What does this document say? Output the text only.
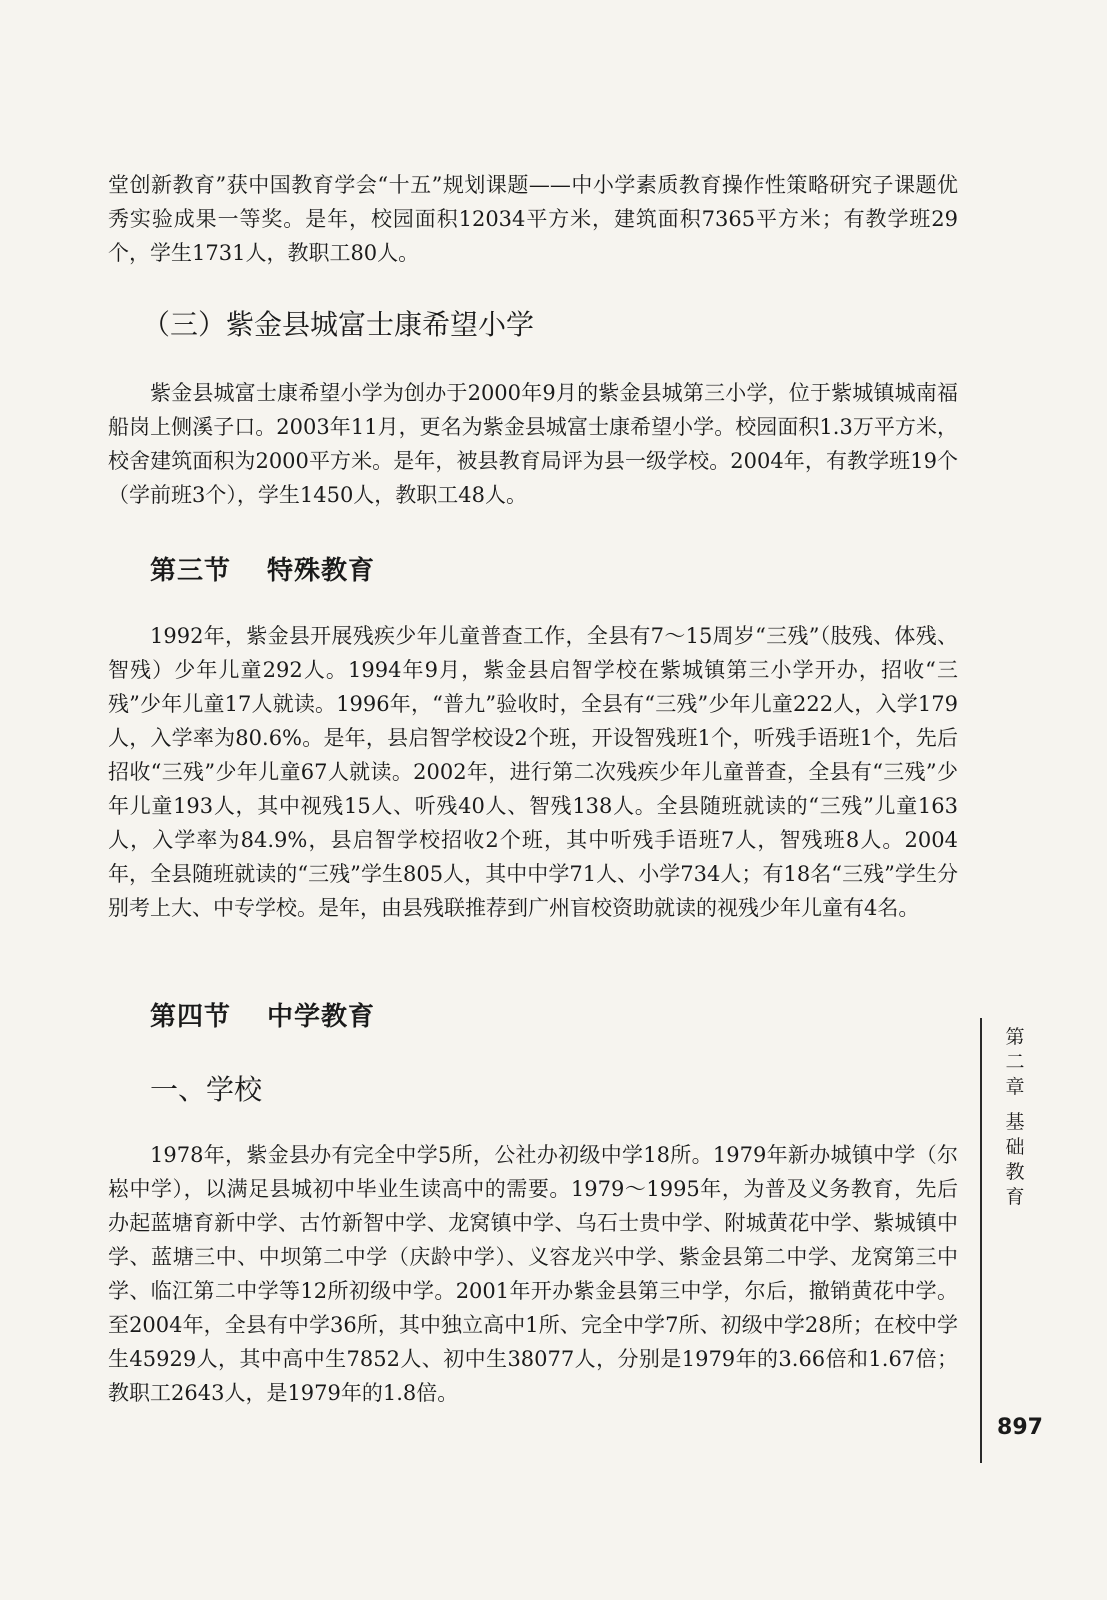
堂创新教育”获中国教育学会“十五”规划课题——中小学素质教育操作性策略研究子课题优秀实验成果一等奖。是年，校园面积12034平方米，建筑面积7365平方米；有教学班29个，学生1731人，教职工80人。

（三）紫金县城富士康希望小学

紫金县城富士康希望小学为创办于2000年9月的紫金县城第三小学，位于紫城镇城南福船岗上侧溪子口。2003年11月，更名为紫金县城富士康希望小学。校园面积1.3万平方米，校舍建筑面积为2000平方米。是年，被县教育局评为县一级学校。2004年，有教学班19个（学前班3个），学生1450人，教职工48人。

第三节 特殊教育

1992年，紫金县开展残疾少年儿童普查工作，全县有7～15周岁“三残”（肢残、体残、智残）少年儿童292人。1994年9月，紫金县启智学校在紫城镇第三小学开办，招收“三残”少年儿童17人就读。1996年，“普九”验收时，全县有“三残”少年儿童222人，入学179人，入学率为80.6%。是年，县启智学校设2个班，开设智残班1个，听残手语班1个，先后招收“三残”少年儿童67人就读。2002年，进行第二次残疾少年儿童普查，全县有“三残”少年儿童193人，其中视残15人、听残40人、智残138人。全县随班就读的“三残”儿童163人，入学率为84.9%，县启智学校招收2个班，其中听残手语班7人，智残班8人。2004年，全县随班就读的“三残”学生805人，其中中学71人、小学734人；有18名“三残”学生分别考上大、中专学校。是年，由县残联推荐到广州盲校资助就读的视残少年儿童有4名。

第四节 中学教育
一、学校

1978年，紫金县办有完全中学5所，公社办初级中学18所。1979年新办城镇中学（尔崧中学），以满足县城初中毕业生读高中的需要。1979～1995年，为普及义务教育，先后办起蓝塘育新中学、古竹新智中学、龙窝镇中学、乌石士贵中学、附城黄花中学、紫城镇中学、蓝塘三中、中坝第二中学（庆龄中学）、义容龙兴中学、紫金县第二中学、龙窝第三中学、临江第二中学等12所初级中学。2001年开办紫金县第三中学，尔后，撤销黄花中学。至2004年，全县有中学36所，其中独立高中1所、完全中学7所、初级中学28所；在校中学生45929人，其中高中生7852人、初中生38077人，分别是1979年的3.66倍和1.67倍；教职工2643人，是1979年的1.8倍。

第
二
章
基
础
教
育

897
